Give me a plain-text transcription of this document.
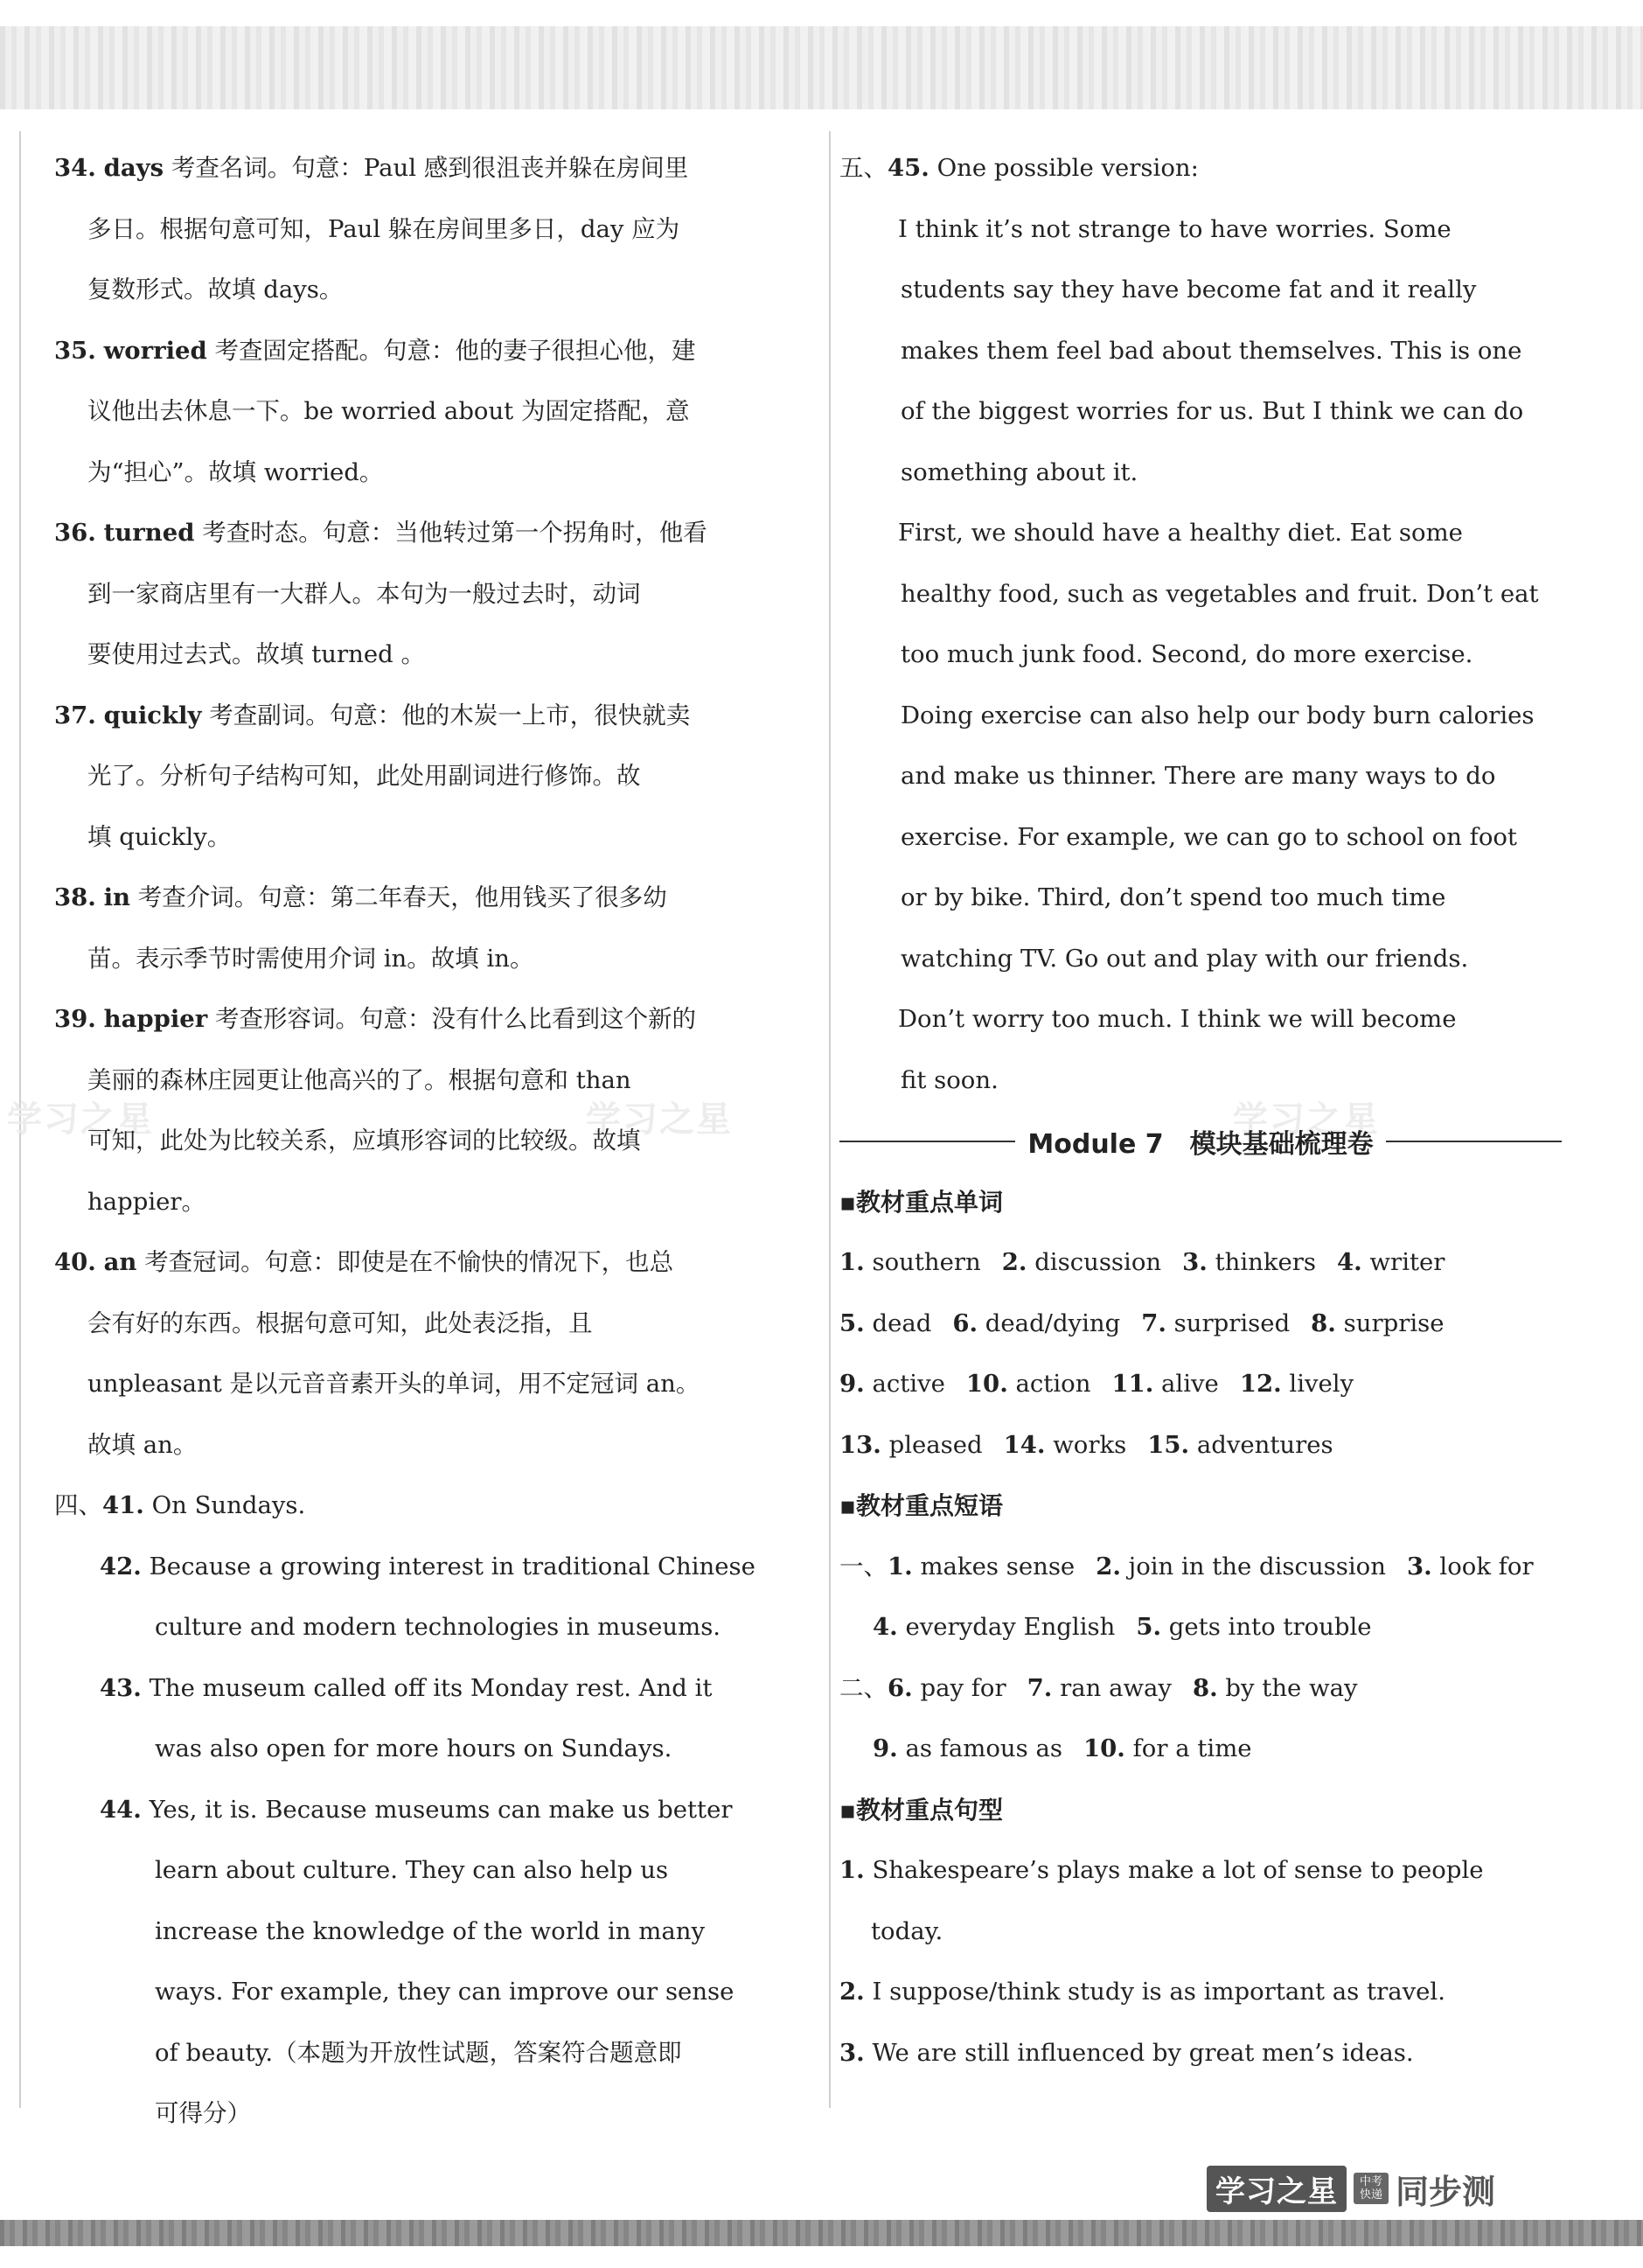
学习之星	学习之星	学习之星
34. days 考查名词。句意：Paul 感到很沮丧并躲在房间里
多日。根据句意可知，Paul 躲在房间里多日，day 应为
复数形式。故填 days。
35. worried 考查固定搭配。句意：他的妻子很担心他，建
议他出去休息一下。be worried about 为固定搭配，意
为“担心”。故填 worried。
36. turned 考查时态。句意：当他转过第一个拐角时，他看
到一家商店里有一大群人。本句为一般过去时，动词
要使用过去式。故填 turned 。
37. quickly 考查副词。句意：他的木炭一上市，很快就卖
光了。分析句子结构可知，此处用副词进行修饰。故
填 quickly。
38. in 考查介词。句意：第二年春天，他用钱买了很多幼
苗。表示季节时需使用介词 in。故填 in。
39. happier 考查形容词。句意：没有什么比看到这个新的
美丽的森林庄园更让他高兴的了。根据句意和 than
可知，此处为比较关系，应填形容词的比较级。故填
happier。
40. an 考查冠词。句意：即使是在不愉快的情况下，也总
会有好的东西。根据句意可知，此处表泛指，且
unpleasant 是以元音音素开头的单词，用不定冠词 an。
故填 an。
四、41. On Sundays.
42. Because a growing interest in traditional Chinese
culture and modern technologies in museums.
43. The museum called off its Monday rest. And it
was also open for more hours on Sundays.
44. Yes, it is. Because museums can make us better
learn about culture. They can also help us
increase the knowledge of the world in many
ways. For example, they can improve our sense
of beauty.（本题为开放性试题，答案符合题意即
可得分）
五、45. One possible version:
I think it’s not strange to have worries. Some
students say they have become fat and it really
makes them feel bad about themselves. This is one
of the biggest worries for us. But I think we can do
something about it.
First, we should have a healthy diet. Eat some
healthy food, such as vegetables and fruit. Don’t eat
too much junk food. Second, do more exercise.
Doing exercise can also help our body burn calories
and make us thinner. There are many ways to do
exercise. For example, we can go to school on foot
or by bike. Third, don’t spend too much time
watching TV. Go out and play with our friends.
Don’t worry too much. I think we will become
fit soon.
Module 7　模块基础梳理卷
▪教材重点单词
1. southern 2. discussion 3. thinkers 4. writer
5. dead 6. dead/dying 7. surprised 8. surprise
9. active 10. action 11. alive 12. lively
13. pleased 14. works 15. adventures
▪教材重点短语
一、1. makes sense 2. join in the discussion 3. look for
4. everyday English 5. gets into trouble
二、6. pay for 7. ran away 8. by the way
9. as famous as 10. for a time
▪教材重点句型
1. Shakespeare’s plays make a lot of sense to people
today.
2. I suppose/think study is as important as travel.
3. We are still influenced by great men’s ideas.
学习之星	中考快递 同步测
